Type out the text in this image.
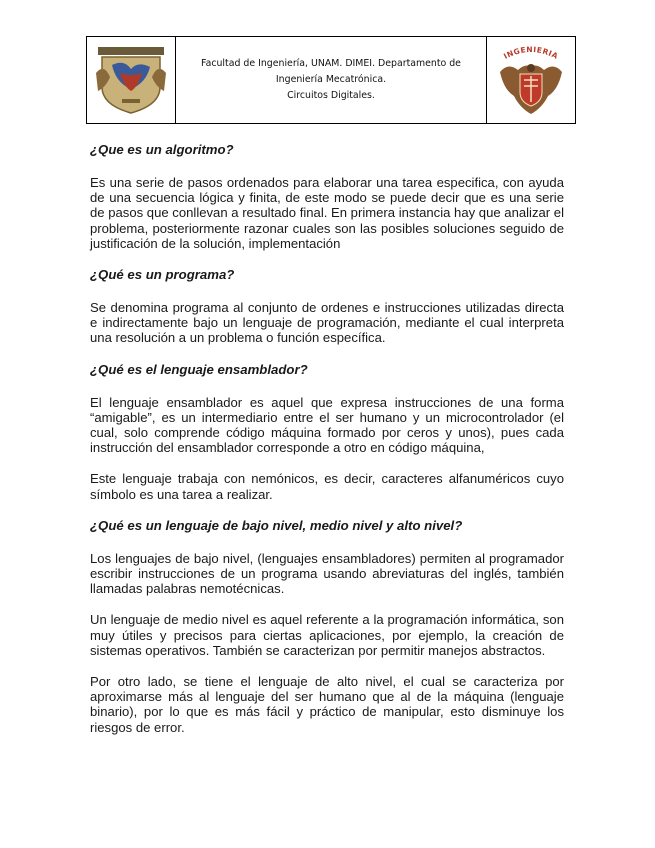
Facultad de Ingeniería, UNAM. DIMEI. Departamento de
Ingeniería Mecatrónica.
Circuitos Digitales.
INGENIERIA
¿Que es un algoritmo?

Es una serie de pasos ordenados para elaborar una tarea especifica, con ayuda de una secuencia lógica y finita, de este modo se puede decir que es una serie de pasos que conllevan a resultado final. En primera instancia hay que analizar el problema, posteriormente razonar cuales son las posibles soluciones seguido de justificación de la solución, implementación

¿Qué es un programa?

Se denomina programa al conjunto de ordenes e instrucciones utilizadas directa e indirectamente bajo un lenguaje de programación, mediante el cual interpreta una resolución a un problema o función específica.

¿Qué es el lenguaje ensamblador?

El lenguaje ensamblador es aquel que expresa instrucciones de una forma “amigable”, es un intermediario entre el ser humano y un microcontrolador (el cual, solo comprende código máquina formado por ceros y unos), pues cada instrucción del ensamblador corresponde a otro en código máquina,

Este lenguaje trabaja con nemónicos, es decir, caracteres alfanuméricos cuyo símbolo es una tarea a realizar.

¿Qué es un lenguaje de bajo nivel, medio nivel y alto nivel?

Los lenguajes de bajo nivel, (lenguajes ensambladores) permiten al programador escribir instrucciones de un programa usando abreviaturas del inglés, también llamadas palabras nemotécnicas.

Un lenguaje de medio nivel es aquel referente a la programación informática, son muy útiles y precisos para ciertas aplicaciones, por ejemplo, la creación de sistemas operativos. También se caracterizan por permitir manejos abstractos.

Por otro lado, se tiene el lenguaje de alto nivel, el cual se caracteriza por aproximarse más al lenguaje del ser humano que al de la máquina (lenguaje binario), por lo que es más fácil y práctico de manipular, esto disminuye los riesgos de error.
